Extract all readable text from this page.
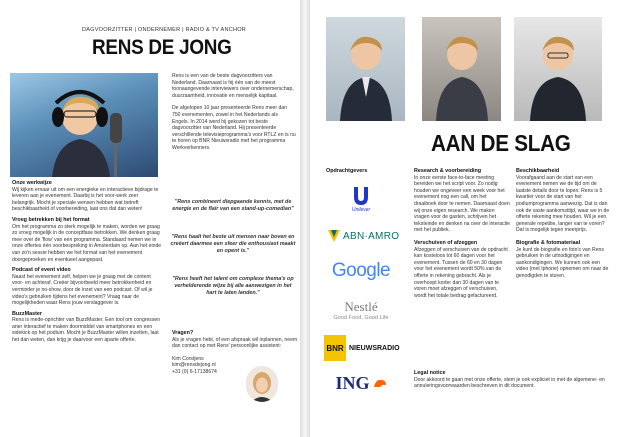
DAGVOORZITTER | ONDERNEMER | RADIO & TV ANCHOR
RENS DE JONG

Rens is een van de beste dagvoorzitters van Nederland. Daarnaast is hij één van de meest toonaangevende interviewers over ondernemerschap, duurzaamheid, innovatie en menselijk kapitaal.

De afgelopen 10 jaar presenteerde Rens meer dan 750 evenementen, zowel in het Nederlands als Engels. In 2014 werd hij gekozen tot beste dagvoorzitter van Nederland. Hij presenteerde verschillende televisieprogramma's voor RTLZ en is nu te horen op BNR Nieuwsradio met het programma Werkverkenners.

"Rens combineert diepgaande kennis, met de energie en de flair van een stand-up-comedian"
"Rens haalt het beste uit mensen naar boven en creëert daarmee een sfeer die enthousiast maakt en opent is."
"Rens heeft het talent om complexe thema's op verhelderende wijze bij alle aanwezigen in het hart te laten landen."
Onze werkwijze

Wij kijken ernaar uit om een energieke en interactieve bijdrage te leveren aan je evenement. Daarbij is het voor-werk zeer belangrijk. Mocht je speciale wensen hebben wat betreft beschikbaarheid of voorbereiding, laat ons dat dan weten!

Vroeg betrekken bij het format

Om het programma zo sterk mogelijk te maken, worden we graag zo vroeg mogelijk in de conceptfase betrokken. We denken graag mee over de 'flow' van een programma. Standaard nemen we in onze offertes één voorbespreking in Amsterdam op. Aan het einde van zo'n sessie hebben we het format van het evenement doorgeproeken en eventueel aangepast.

Podcast of event video

Naast het evenement zelf, helpen we je graag met de content voor- en achteraf. Creëer bijvoorbeeld meer betrokkenheid en verminder je no-show, door de inzet van een podcast. Of wil je video's gebruiken tijdens het evenement? Vraag naar de mogelijkheden waar Rens jouw verslaggever is.

BuzzMaster

Rens is mede-oprichter van BuzzMaster. Een tool om congressen aner interactief te maken doormiddel van smartphones en een sidekick op het podium. Mocht je BuzzMaster willen inzetten, laat het dan weten, dan krijg je daarvoor een aparte offerte.

Vragen?

Als je vragen hebt, of een afspraak wil inplannen, neem dan contact op met Rens' persoonlijke assistent:

Kim Corstjens

kim@rensdejong.nl

+31 (0) 6-17138674

AAN DE SLAG
Opdrachtgevers
Unilever
ABN·AMRO
Google
Nestlé
Good Food, Good Life
BNR NIEUWSRADIO
ING
Research & voorbereiding

In onze eerste face-to-face meeting bereiden we het script voor. Zo nodig houden we ongeveer een week voor het evenement nog een call, om het draaiboek door te nemen. Daarnaast doen wij onze eigen research. We maken vragen voor de gasten, schrijven het teksteinde en denken na over de interactie met het publiek.

Verschuiven of afzeggen

Afzeggen of verschuiven van de opdracht kan kosteloos tot 60 dagen voor het evenement. Tussen de 60 en 30 dagen voor het evenement wordt 50% van de offerte in rekening gebracht. Als je overhoopt korter dan 30 dagen van te voren moet afzeggen of verschuiven, wordt het totale bedrag gefactureerd.

Beschikbaarheid

Voorafgaand aan de start van een evenement nemen we de tijd om de laatste details door te lopen. Rens is 5 kwartier voor de start van het podiumprogramma aanwezig. Dat is dan ook de vaste aankomsttijd, waar we in de offerte rekening mee houden. Wil je een generale repetitie, langer van te voren? Dat is mogelijk tegen meerprijs.

Biografie & fotomateriaal

Je kunt de biografie en foto's van Rens gebruiken in de uitnodigingen en aankondigingen. We kunnen ook een video (met Iphone) opnemen om naar de genodigden te sturen.

Legal notice

Door akkoord te gaan met onze offerte, stem je ook expliciet in met de algemene- en annuleringsvoorwaarden beschreven in dit document.
